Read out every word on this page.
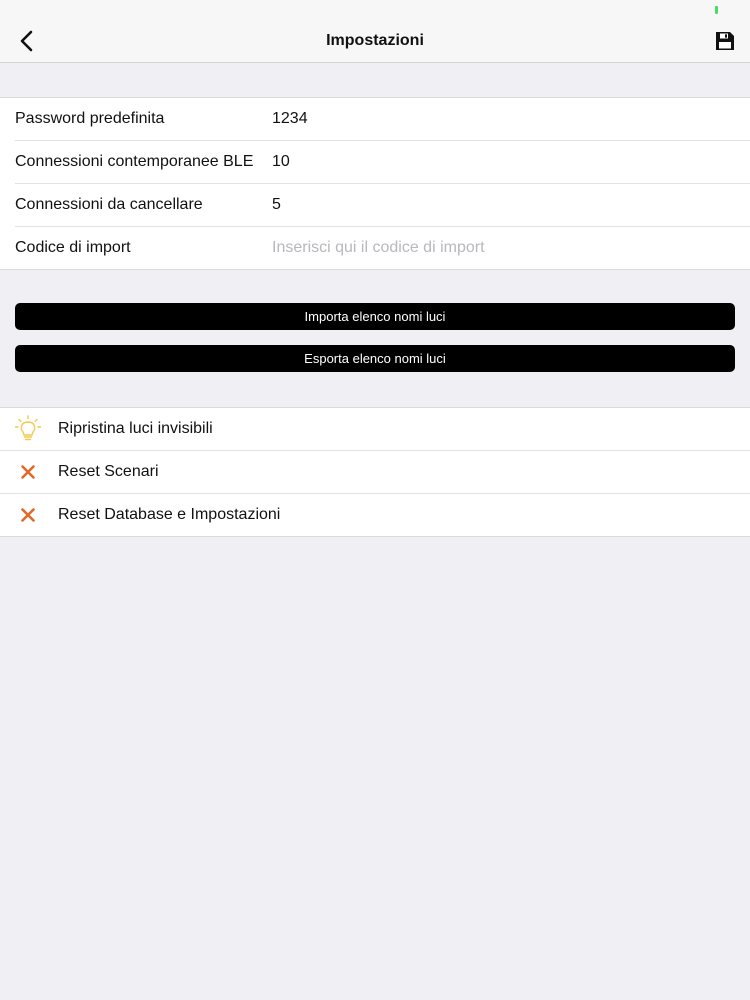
Impostazioni
Password predefinita
1234
Connessioni contemporanee BLE
10
Connessioni da cancellare
5
Codice di import
Inserisci qui il codice di import
Importa elenco nomi luci
Esporta elenco nomi luci
Ripristina luci invisibili
Reset Scenari
Reset Database e Impostazioni
